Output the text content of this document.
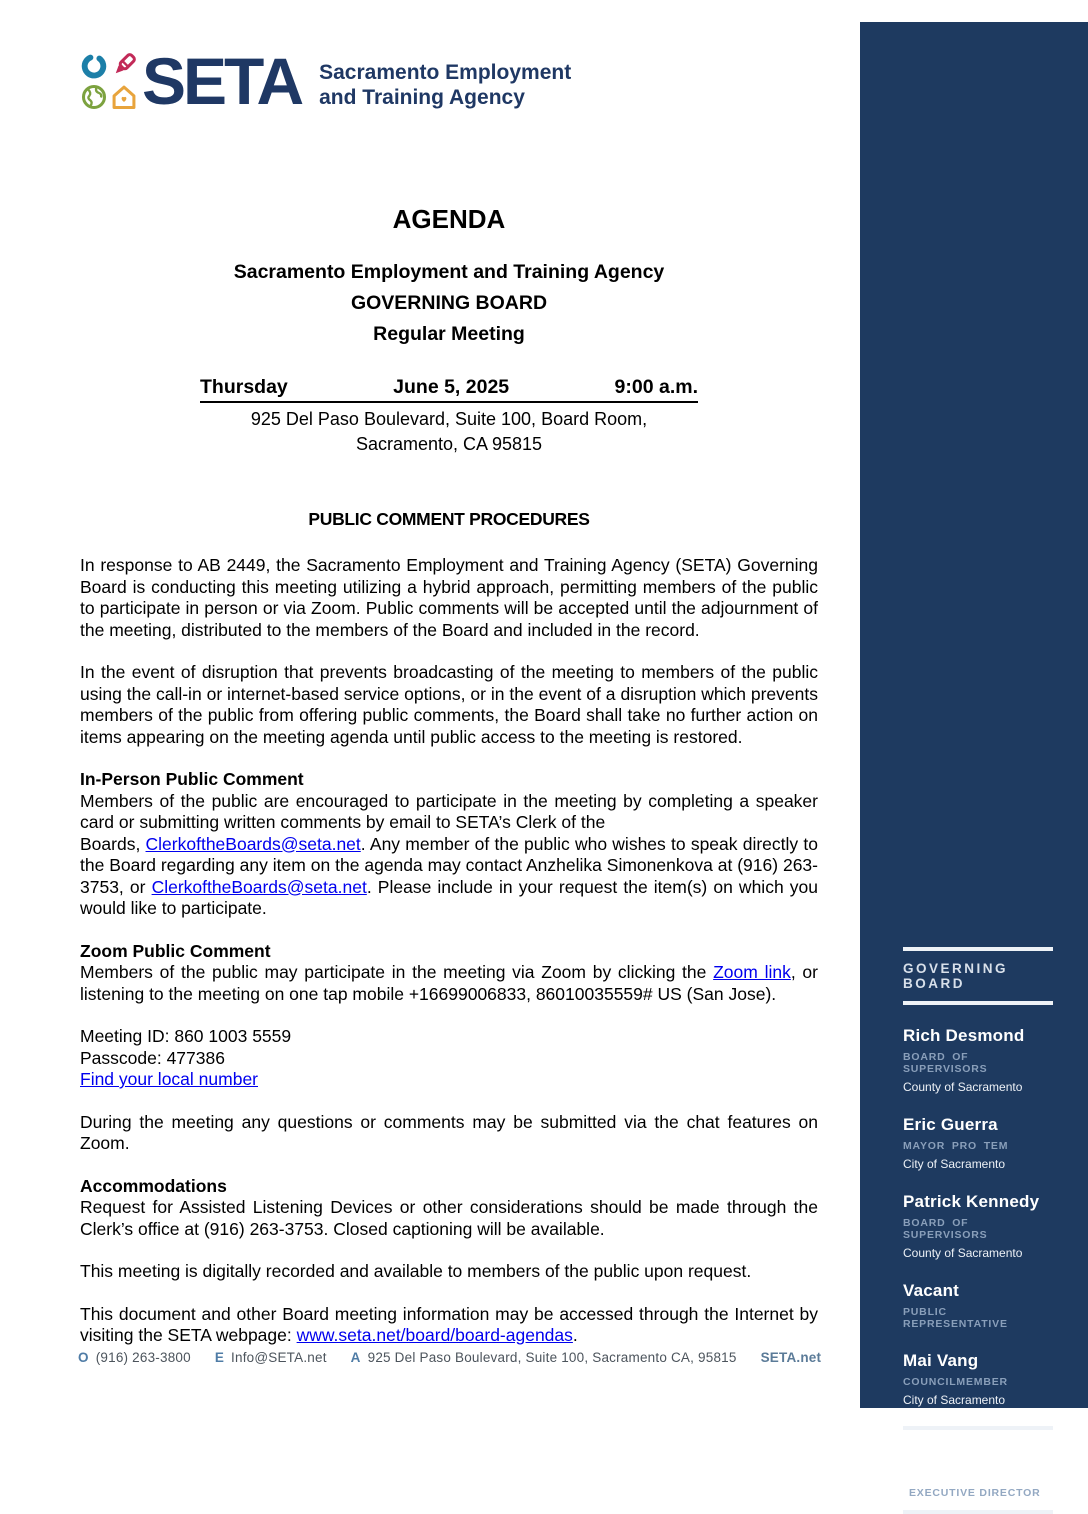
SETA Sacramento Employment
and Training Agency
AGENDA
Sacramento Employment and Training Agency
GOVERNING BOARD
Regular Meeting
Thursday	June 5, 2025	9:00 a.m.
925 Del Paso Boulevard, Suite 100, Board Room,
Sacramento, CA 95815
PUBLIC COMMENT PROCEDURES

In response to AB 2449, the Sacramento Employment and Training Agency (SETA) Governing Board is conducting this meeting utilizing a hybrid approach, permitting members of the public to participate in person or via Zoom. Public comments will be accepted until the adjournment of the meeting, distributed to the members of the Board and included in the record.

In the event of disruption that prevents broadcasting of the meeting to members of the public using the call-in or internet-based service options, or in the event of a disruption which prevents members of the public from offering public comments, the Board shall take no further action on items appearing on the meeting agenda until public access to the meeting is restored.

In-Person Public Comment

Members of the public are encouraged to participate in the meeting by completing a speaker card or submitting written comments by email to SETA’s Clerk of the
Boards, ClerkoftheBoards@seta.net. Any member of the public who wishes to speak directly to the Board regarding any item on the agenda may contact Anzhelika Simonenkova at (916) 263-3753, or ClerkoftheBoards@seta.net. Please include in your request the item(s) on which you would like to participate.

Zoom Public Comment

Members of the public may participate in the meeting via Zoom by clicking the Zoom link, or listening to the meeting on one tap mobile +16699006833, 86010035559# US (San Jose).

Meeting ID: 860 1003 5559
Passcode: 477386
Find your local number

During the meeting any questions or comments may be submitted via the chat features on Zoom.

Accommodations

Request for Assisted Listening Devices or other considerations should be made through the Clerk’s office at (916) 263-3753. Closed captioning will be available.

This meeting is digitally recorded and available to members of the public upon request.

This document and other Board meeting information may be accessed through the Internet by visiting the SETA webpage: www.seta.net/board/board-agendas.

GOVERNING BOARD
Rich Desmond
BOARD OF SUPERVISORS
County of Sacramento
Eric Guerra
MAYOR PRO TEM
City of Sacramento
Patrick Kennedy
BOARD OF SUPERVISORS
County of Sacramento
Vacant
PUBLIC REPRESENTATIVE
Mai Vang
COUNCILMEMBER
City of Sacramento
Anita Maldonado, Ph. D.
EXECUTIVE DIRECTOR
O (916) 263-3800 E Info@SETA.net A 925 Del Paso Boulevard, Suite 100, Sacramento CA, 95815 SETA.net
